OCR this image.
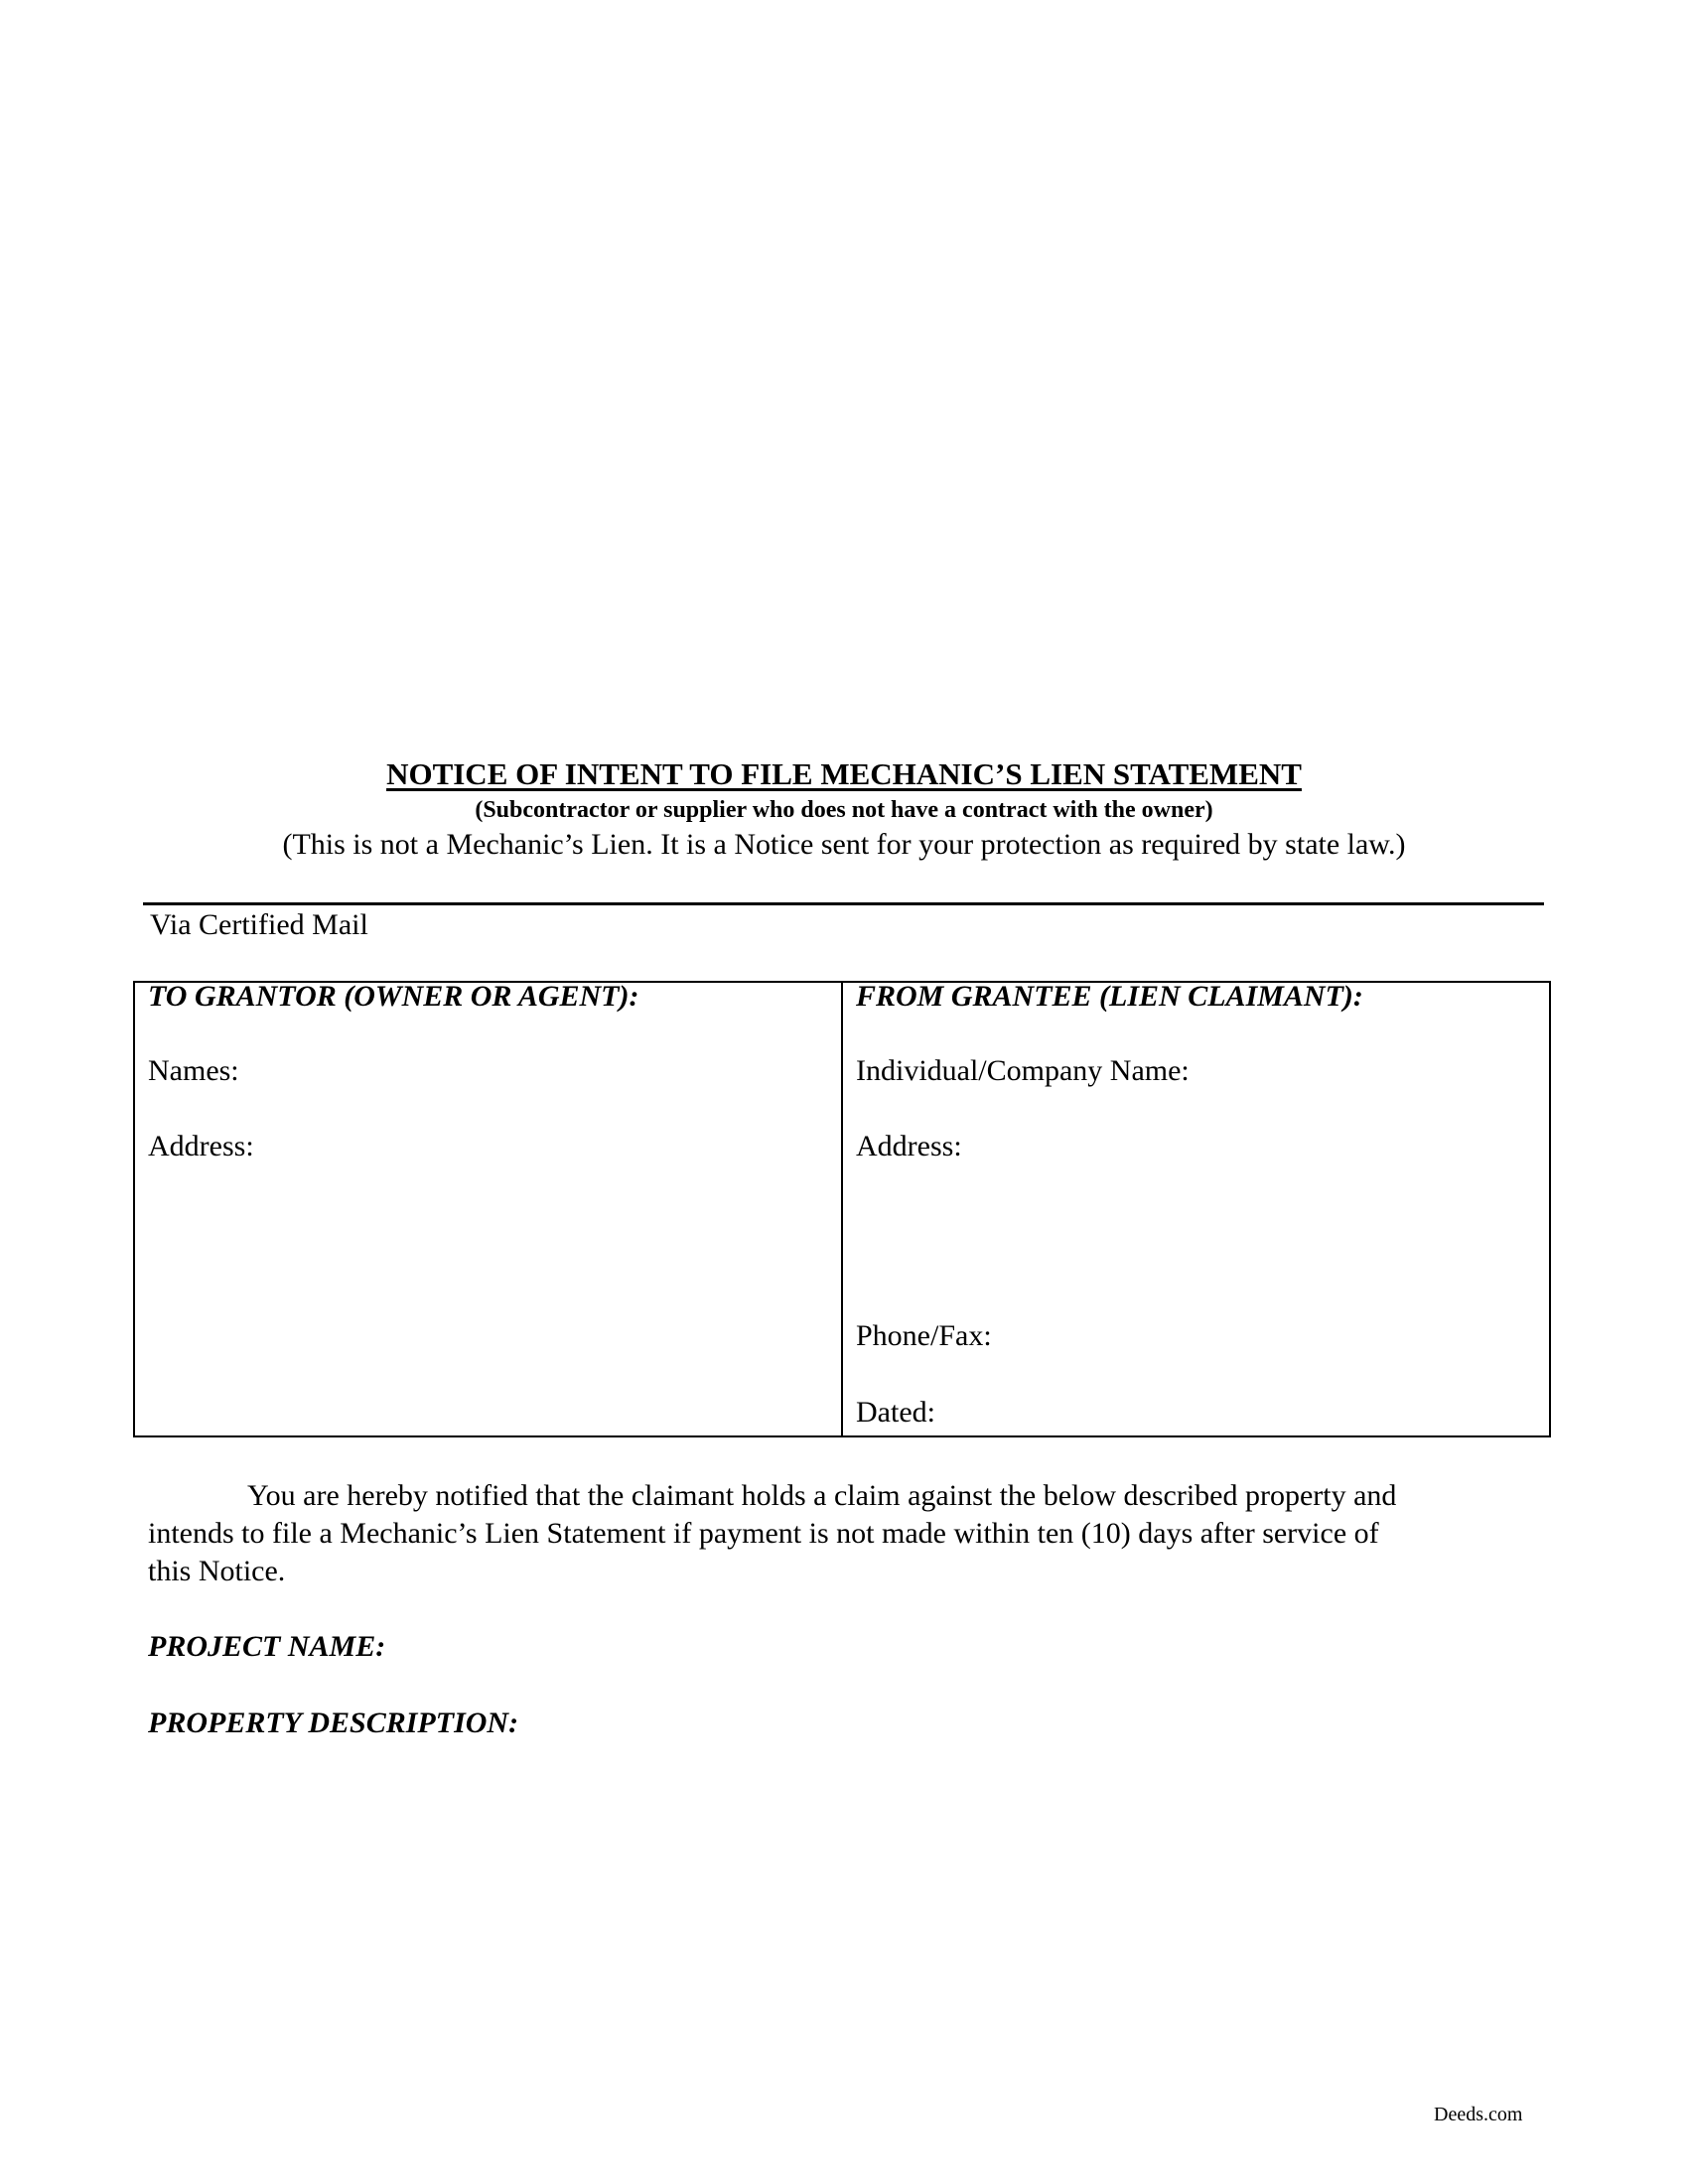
NOTICE OF INTENT TO FILE MECHANIC’S LIEN STATEMENT
(Subcontractor or supplier who does not have a contract with the owner)
(This is not a Mechanic’s Lien. It is a Notice sent for your protection as required by state law.)
Via Certified Mail
TO GRANTOR (OWNER OR AGENT):
Names:
Address:
FROM GRANTEE (LIEN CLAIMANT):
Individual/Company Name:
Address:
Phone/Fax:
Dated:
You are hereby notified that the claimant holds a claim against the below described property and
intends to file a Mechanic’s Lien Statement if payment is not made within ten (10) days after service of
this Notice.
PROJECT NAME:
PROPERTY DESCRIPTION:
Deeds.com
